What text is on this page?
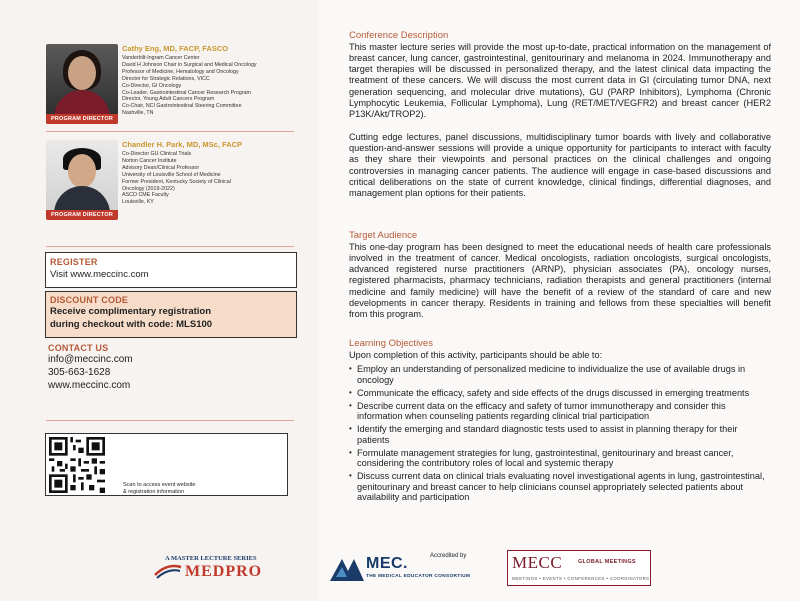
PROGRAM DIRECTOR
Cathy Eng, MD, FACP, FASCO
Vanderbilt-Ingram Cancer Center
David H Johnson Chair in Surgical and Medical Oncology
Professor of Medicine, Hematology and Oncology
Director for Strategic Relations, VICC
Co-Director, GI Oncology
Co-Leader, Gastrointestinal Cancer Research Program
Director, Young Adult Cancers Program
Co-Chair, NCI Gastrointestinal Steering Committee
Nashville, TN
PROGRAM DIRECTOR
Chandler H. Park, MD, MSc, FACP
Co-Director GU Clinical Trials
Norton Cancer Institute
Advisory Dean/Clinical Professor
University of Louisville School of Medicine
Former President, Kentucky Society of Clinical
Oncology (2019-2022)
ASCO CME Faculty
Louisville, KY
REGISTER
Visit www.meccinc.com
DISCOUNT CODE
Receive complimentary registration
during checkout with code: MLS100
CONTACT US
info@meccinc.com
305-663-1628
www.meccinc.com
Scan to access event website
& registration information
A MASTER LECTURE SERIES
MEDPRO
Conference Description
This master lecture series will provide the most up-to-date, practical information on the management of breast cancer, lung cancer, gastrointestinal, genitourinary and melanoma in 2024. Immunotherapy and target therapies will be discussed in personalized therapy, and the latest clinical data impacting the treatment of these cancers. We will discuss the most current data in GI (circulating tumor DNA, next generation sequencing, and molecular drive mutations), GU (PARP Inhibitors), Lymphoma (Chronic Lymphocytic Leukemia, Follicular Lymphoma), Lung (RET/MET/VEGFR2) and breast cancer (HER2 P13K/Akt/TROP2).
Cutting edge lectures, panel discussions, multidisciplinary tumor boards with lively and collaborative question-and-answer sessions will provide a unique opportunity for participants to interact with faculty as they share their viewpoints and personal practices on the clinical challenges and ongoing controversies in managing cancer patients. The audience will engage in case-based discussions and critical deliberations on the state of current knowledge, clinical findings, differential diagnoses, and management plan options for their patients.
Target Audience
This one-day program has been designed to meet the educational needs of health care professionals involved in the treatment of cancer. Medical oncologists, radiation oncologists, surgical oncologists, advanced registered nurse practitioners (ARNP), physician associates (PA), oncology nurses, registered pharmacists, pharmacy technicians, radiation therapists and general practitioners (internal medicine and family medicine) will have the benefit of a review of the standard of care and new developments in cancer therapy. Residents in training and fellows from these specialties will benefit from this program.
Learning Objectives
Upon completion of this activity, participants should be able to:
• Employ an understanding of personalized medicine to individualize the use of available drugs in oncology
• Communicate the efficacy, safety and side effects of the drugs discussed in emerging treatments
• Describe current data on the efficacy and safety of tumor immunotherapy and consider this information when counseling patients regarding clinical trial participation
• Identify the emerging and standard diagnostic tests used to assist in planning therapy for their patients
• Formulate management strategies for lung, gastrointestinal, genitourinary and breast cancer, considering the contributory roles of local and systemic therapy
• Discuss current data on clinical trials evaluating novel investigational agents in lung, gastrointestinal, genitourinary and breast cancer to help clinicians counsel appropriately selected patients about availability and participation
MEC.	Accredited by
THE MEDICAL EDUCATOR CONSORTIUM
MECC	GLOBAL MEETINGS
MEETINGS • EVENTS • CONFERENCES • COORDINATORS
